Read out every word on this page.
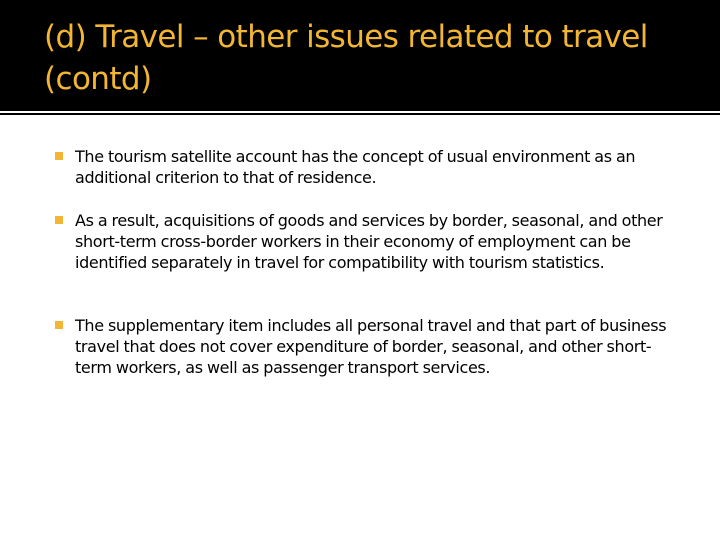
(d) Travel – other issues related to travel (contd)

The tourism satellite account has the concept of usual environment as an additional criterion to that of residence.

As a result, acquisitions of goods and services by border, seasonal, and other short-term cross-border workers in their economy of employment can be identified separately in travel for compatibility with tourism statistics.

The supplementary item includes all personal travel and that part of business travel that does not cover expenditure of border, seasonal, and other short-term workers, as well as passenger transport services.
